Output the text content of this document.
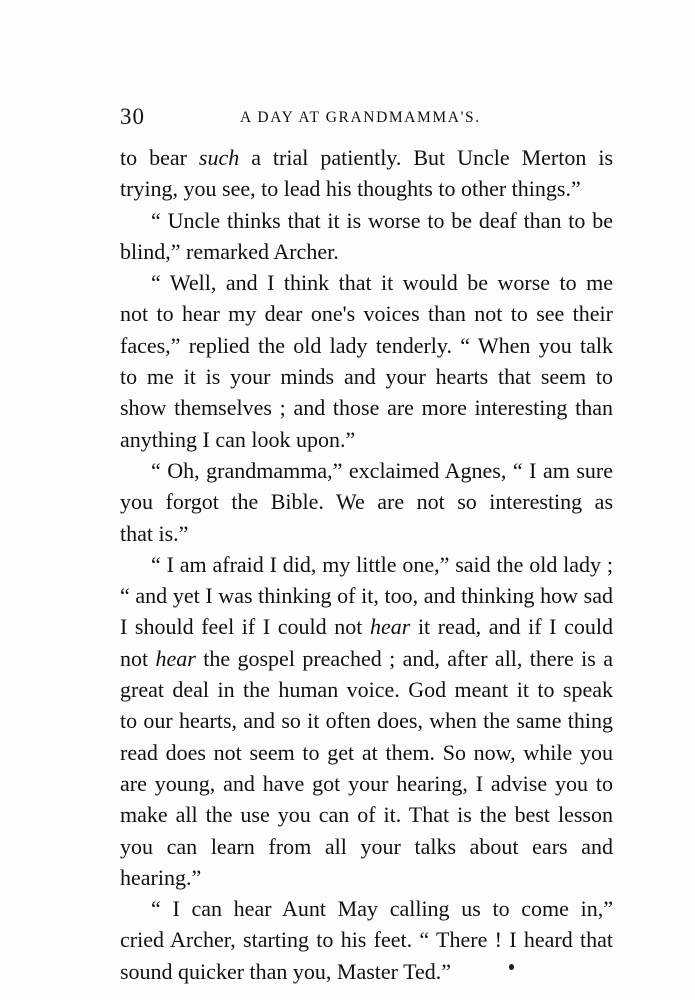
30	A DAY AT GRANDMAMMA'S.
to bear such a trial patiently. But Uncle Merton is
trying, you see, to lead his thoughts to other things.”
“ Uncle thinks that it is worse to be deaf than to be
blind,” remarked Archer.
“ Well, and I think that it would be worse to me
not to hear my dear one's voices than not to see their
faces,” replied the old lady tenderly. “ When you talk
to me it is your minds and your hearts that seem to
show themselves ; and those are more interesting than
anything I can look upon.”
“ Oh, grandmamma,” exclaimed Agnes, “ I am sure
you forgot the Bible. We are not so interesting as
that is.”
“ I am afraid I did, my little one,” said the old lady ;
“ and yet I was thinking of it, too, and thinking how sad
I should feel if I could not hear it read, and if I could
not hear the gospel preached ; and, after all, there is a
great deal in the human voice. God meant it to speak
to our hearts, and so it often does, when the same thing
read does not seem to get at them. So now, while you
are young, and have got your hearing, I advise you to
make all the use you can of it. That is the best lesson
you can learn from all your talks about ears and
hearing.”
“ I can hear Aunt May calling us to come in,”
cried Archer, starting to his feet. “ There ! I heard that
sound quicker than you, Master Ted.”
